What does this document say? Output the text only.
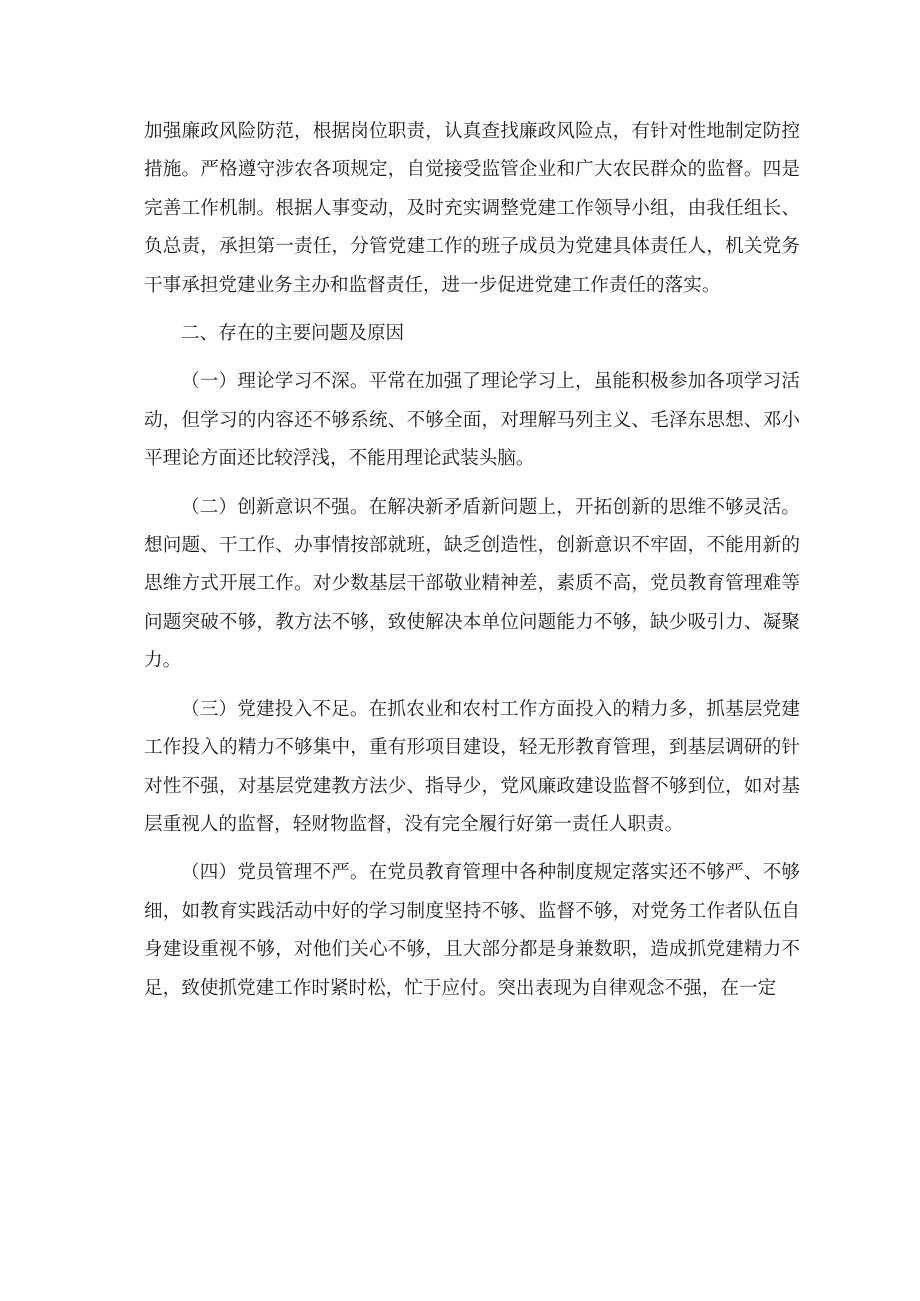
加强廉政风险防范，根据岗位职责，认真查找廉政风险点，有针对性地制定防控措施。严格遵守涉农各项规定，自觉接受监管企业和广大农民群众的监督。四是完善工作机制。根据人事变动，及时充实调整党建工作领导小组，由我任组长、负总责，承担第一责任，分管党建工作的班子成员为党建具体责任人，机关党务干事承担党建业务主办和监督责任，进一步促进党建工作责任的落实。

二、存在的主要问题及原因

（一）理论学习不深。平常在加强了理论学习上，虽能积极参加各项学习活动，但学习的内容还不够系统、不够全面，对理解马列主义、毛泽东思想、邓小平理论方面还比较浮浅，不能用理论武装头脑。

（二）创新意识不强。在解决新矛盾新问题上，开拓创新的思维不够灵活。想问题、干工作、办事情按部就班，缺乏创造性，创新意识不牢固，不能用新的思维方式开展工作。对少数基层干部敬业精神差，素质不高，党员教育管理难等问题突破不够，教方法不够，致使解决本单位问题能力不够，缺少吸引力、凝聚力。

（三）党建投入不足。在抓农业和农村工作方面投入的精力多，抓基层党建工作投入的精力不够集中，重有形项目建设，轻无形教育管理，到基层调研的针对性不强，对基层党建教方法少、指导少，党风廉政建设监督不够到位，如对基层重视人的监督，轻财物监督，没有完全履行好第一责任人职责。

（四）党员管理不严。在党员教育管理中各种制度规定落实还不够严、不够细，如教育实践活动中好的学习制度坚持不够、监督不够，对党务工作者队伍自身建设重视不够，对他们关心不够，且大部分都是身兼数职，造成抓党建精力不足，致使抓党建工作时紧时松，忙于应付。突出表现为自律观念不强，在一定
